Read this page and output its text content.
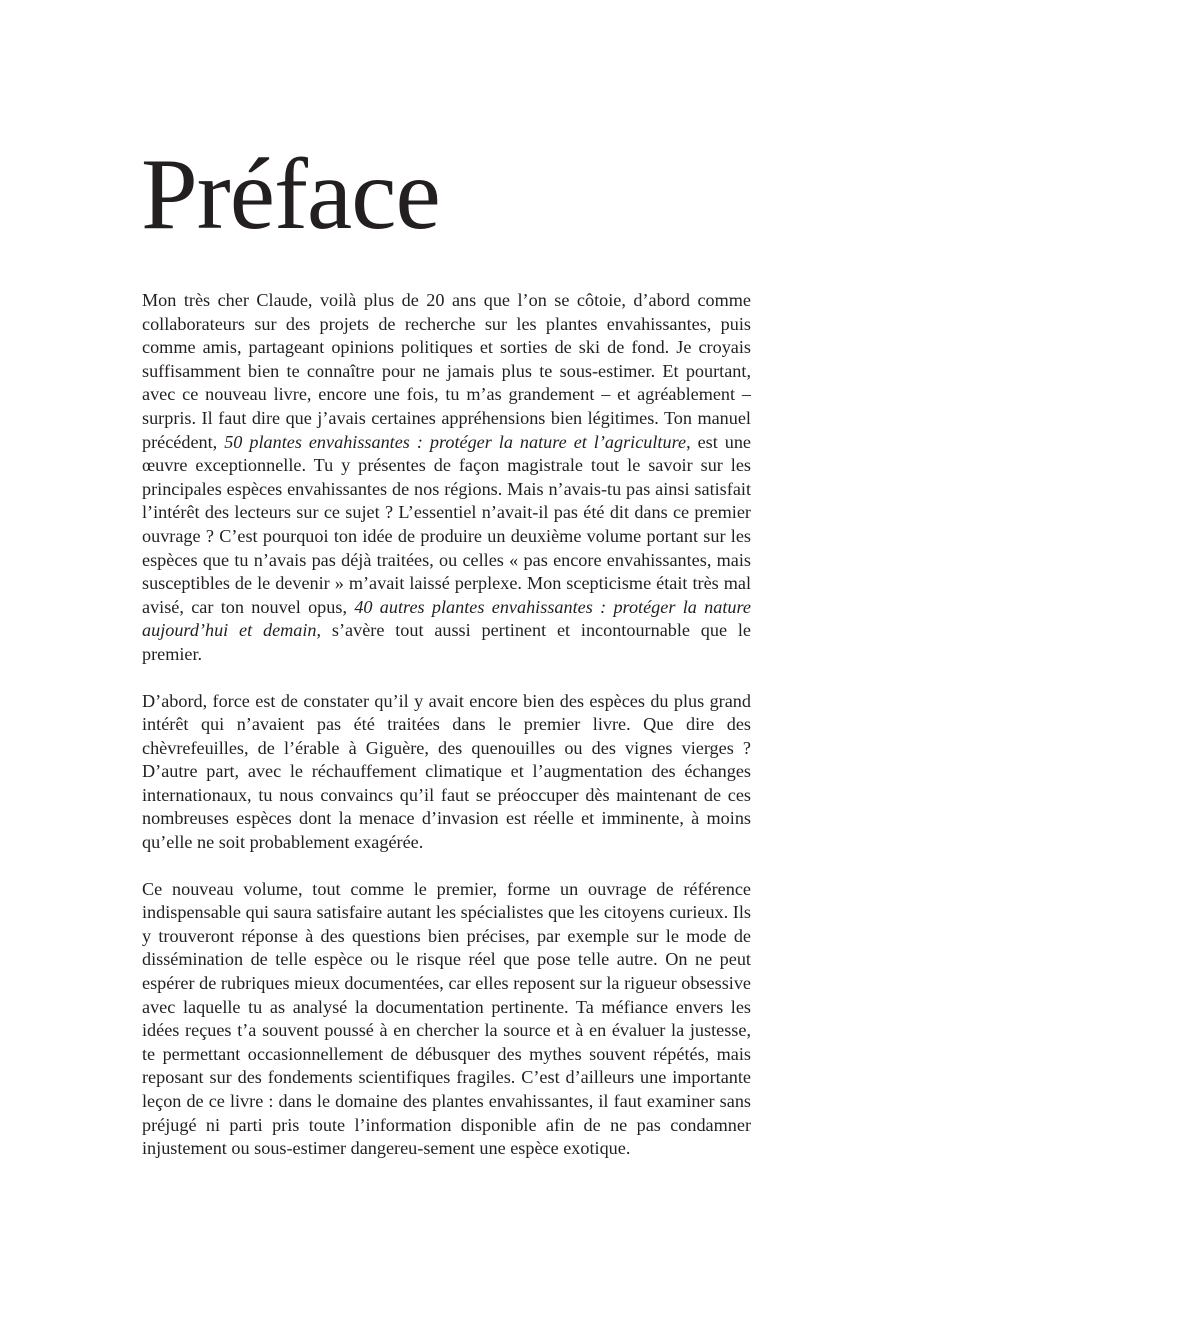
Préface

Mon très cher Claude, voilà plus de 20 ans que l’on se côtoie, d’abord comme collaborateurs sur des projets de recherche sur les plantes envahissantes, puis comme amis, partageant opinions politiques et sorties de ski de fond. Je croyais suffisamment bien te connaître pour ne jamais plus te sous-estimer. Et pourtant, avec ce nouveau livre, encore une fois, tu m’as grandement – et agréablement – surpris. Il faut dire que j’avais certaines appréhensions bien légitimes. Ton manuel précédent, 50 plantes envahissantes : protéger la nature et l’agriculture, est une œuvre exceptionnelle. Tu y présentes de façon magistrale tout le savoir sur les principales espèces envahissantes de nos régions. Mais n’avais-tu pas ainsi satisfait l’intérêt des lecteurs sur ce sujet ? L’essentiel n’avait-il pas été dit dans ce premier ouvrage ? C’est pourquoi ton idée de produire un deuxième volume portant sur les espèces que tu n’avais pas déjà traitées, ou celles « pas encore envahissantes, mais susceptibles de le devenir » m’avait laissé perplexe. Mon scepticisme était très mal avisé, car ton nouvel opus, 40 autres plantes envahissantes : protéger la nature aujourd’hui et demain, s’avère tout aussi pertinent et incontournable que le premier.

D’abord, force est de constater qu’il y avait encore bien des espèces du plus grand intérêt qui n’avaient pas été traitées dans le premier livre. Que dire des chèvrefeuilles, de l’érable à Giguère, des quenouilles ou des vignes vierges ? D’autre part, avec le réchauffement climatique et l’augmentation des échanges internationaux, tu nous convaincs qu’il faut se préoccuper dès maintenant de ces nombreuses espèces dont la menace d’invasion est réelle et imminente, à moins qu’elle ne soit probablement exagérée.

Ce nouveau volume, tout comme le premier, forme un ouvrage de référence indispensable qui saura satisfaire autant les spécialistes que les citoyens curieux. Ils y trouveront réponse à des questions bien précises, par exemple sur le mode de dissémination de telle espèce ou le risque réel que pose telle autre. On ne peut espérer de rubriques mieux documentées, car elles reposent sur la rigueur obsessive avec laquelle tu as analysé la documentation pertinente. Ta méfiance envers les idées reçues t’a souvent poussé à en chercher la source et à en évaluer la justesse, te permettant occasionnellement de débusquer des mythes souvent répétés, mais reposant sur des fondements scientifiques fragiles. C’est d’ailleurs une importante leçon de ce livre : dans le domaine des plantes envahissantes, il faut examiner sans préjugé ni parti pris toute l’information disponible afin de ne pas condamner injustement ou sous-estimer dangereu-sement une espèce exotique.
